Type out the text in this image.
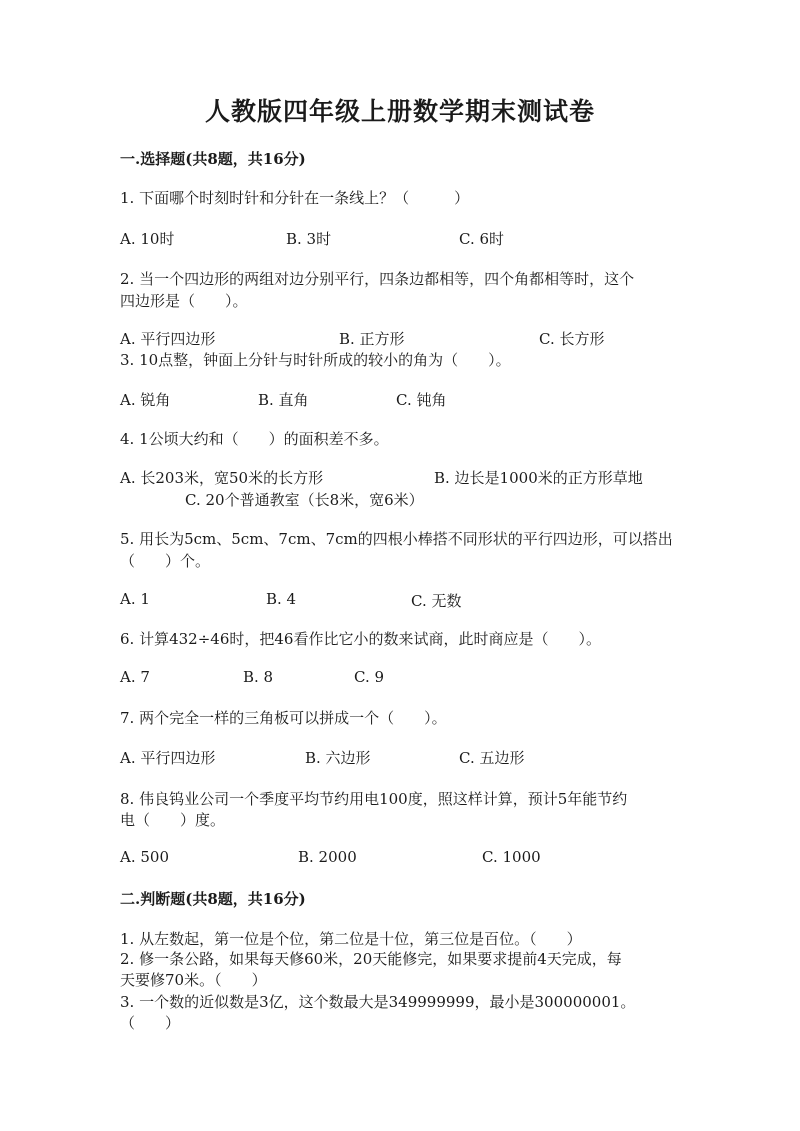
人教版四年级上册数学期末测试卷
一.选择题(共8题，共16分)
1. 下面哪个时刻时针和分针在一条线上？（　　　）
A. 10时	B. 3时	C. 6时
2. 当一个四边形的两组对边分别平行，四条边都相等，四个角都相等时，这个
四边形是（　　）。
A. 平行四边形	B. 正方形	C. 长方形
3. 10点整，钟面上分针与时针所成的较小的角为（　　）。
A. 锐角	B. 直角	C. 钝角
4. 1公顷大约和（　　）的面积差不多。
A. 长203米，宽50米的长方形	B. 边长是1000米的正方形草地
C. 20个普通教室（长8米，宽6米）
5. 用长为5cm、5cm、7cm、7cm的四根小棒搭不同形状的平行四边形，可以搭出
（　　）个。
A. 1	B. 4	C. 无数
6. 计算432÷46时，把46看作比它小的数来试商，此时商应是（　　）。
A. 7	B. 8	C. 9
7. 两个完全一样的三角板可以拼成一个（　　）。
A. 平行四边形	B. 六边形	C. 五边形
8. 伟良钨业公司一个季度平均节约用电100度，照这样计算，预计5年能节约
电（　　）度。
A. 500	B. 2000	C. 1000
二.判断题(共8题，共16分)
1. 从左数起，第一位是个位，第二位是十位，第三位是百位。（　　）
2. 修一条公路，如果每天修60米，20天能修完，如果要求提前4天完成，每
天要修70米。（　　）
3. 一个数的近似数是3亿，这个数最大是349999999，最小是300000001。
（　　）
